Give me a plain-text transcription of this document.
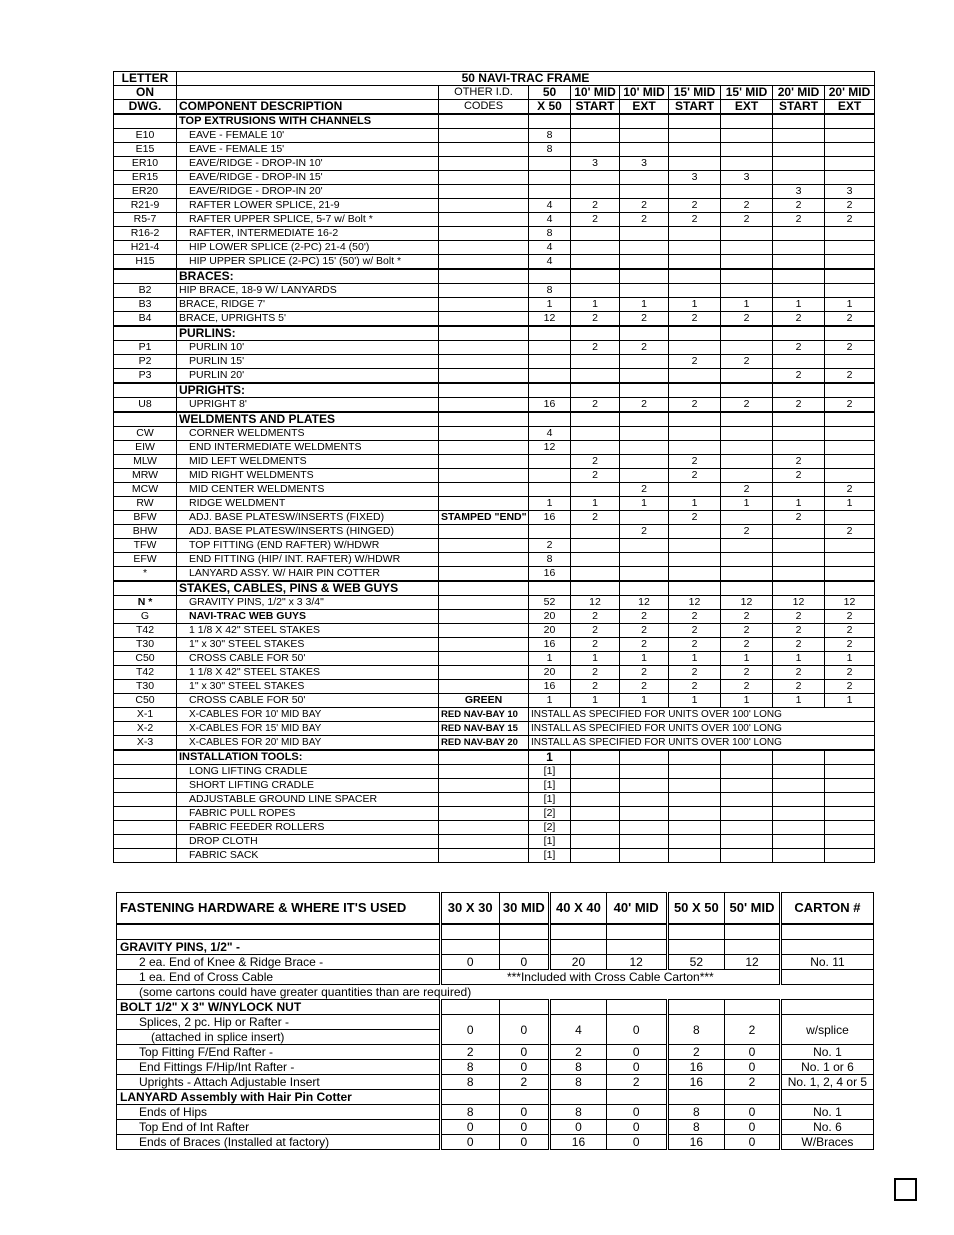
LETTER	50 NAVI-TRAC FRAME								
ON		OTHER I.D.	50	10' MID	10' MID	15' MID	15' MID	20' MID	20' MID
DWG.	COMPONENT DESCRIPTION	CODES	X 50	START	EXT	START	EXT	START	EXT
	TOP EXTRUSIONS WITH CHANNELS								
E10	EAVE - FEMALE 10'		8						
E15	EAVE - FEMALE 15'		8						
ER10	EAVE/RIDGE - DROP-IN 10'			3	3				
ER15	EAVE/RIDGE - DROP-IN 15'					3	3		
ER20	EAVE/RIDGE - DROP-IN 20'							3	3
R21-9	RAFTER LOWER SPLICE, 21-9		4	2	2	2	2	2	2
R5-7	RAFTER UPPER SPLICE, 5-7 w/ Bolt *		4	2	2	2	2	2	2
R16-2	RAFTER, INTERMEDIATE 16-2		8						
H21-4	HIP LOWER SPLICE (2-PC) 21-4 (50')		4						
H15	HIP UPPER SPLICE (2-PC) 15' (50') w/ Bolt *		4						
	BRACES:								
B2	HIP BRACE, 18-9 W/ LANYARDS		8						
B3	BRACE, RIDGE 7'		1	1	1	1	1	1	1
B4	BRACE, UPRIGHTS 5'		12	2	2	2	2	2	2
	PURLINS:								
P1	PURLIN 10'			2	2			2	2
P2	PURLIN 15'					2	2		
P3	PURLIN 20'							2	2
	UPRIGHTS:								
U8	UPRIGHT 8'		16	2	2	2	2	2	2
	WELDMENTS AND PLATES								
CW	CORNER WELDMENTS		4						
EIW	END INTERMEDIATE WELDMENTS		12						
MLW	MID LEFT WELDMENTS			2		2		2	
MRW	MID RIGHT WELDMENTS			2		2		2	
MCW	MID CENTER WELDMENTS				2		2		2
RW	RIDGE WELDMENT		1	1	1	1	1	1	1
BFW	ADJ. BASE PLATESW/INSERTS (FIXED)	STAMPED "END"	16	2		2		2	
BHW	ADJ. BASE PLATESW/INSERTS (HINGED)				2		2		2
TFW	TOP FITTING (END RAFTER) W/HDWR		2						
EFW	END FITTING (HIP/ INT. RAFTER) W/HDWR		8						
*	LANYARD ASSY. W/ HAIR PIN COTTER		16						
	STAKES, CABLES, PINS & WEB GUYS								
N *	GRAVITY PINS, 1/2" x 3 3/4"		52	12	12	12	12	12	12
G	NAVI-TRAC WEB GUYS		20	2	2	2	2	2	2
T42	1 1/8 X 42" STEEL STAKES		20	2	2	2	2	2	2
T30	1" x 30" STEEL STAKES		16	2	2	2	2	2	2
C50	CROSS CABLE FOR 50'		1	1	1	1	1	1	1
T42	1 1/8 X 42" STEEL STAKES		20	2	2	2	2	2	2
T30	1" x 30" STEEL STAKES		16	2	2	2	2	2	2
C50	CROSS CABLE FOR 50'	GREEN	1	1	1	1	1	1	1
X-1	X-CABLES FOR 10' MID BAY	RED NAV-BAY 10	INSTALL AS SPECIFIED FOR UNITS OVER 100' LONG						
X-2	X-CABLES FOR 15' MID BAY	RED NAV-BAY 15	INSTALL AS SPECIFIED FOR UNITS OVER 100' LONG						
X-3	X-CABLES FOR 20' MID BAY	RED NAV-BAY 20	INSTALL AS SPECIFIED FOR UNITS OVER 100' LONG						
	INSTALLATION TOOLS:		1						
	LONG LIFTING CRADLE		[1]						
	SHORT LIFTING CRADLE		[1]						
	ADJUSTABLE GROUND LINE SPACER		[1]						
	FABRIC PULL ROPES		[2]						
	FABRIC FEEDER ROLLERS		[2]						
	DROP CLOTH		[1]						
	FABRIC SACK		[1]						
FASTENING HARDWARE & WHERE IT'S USED	30 X 30	30 MID	40 X 40	40' MID	50 X 50	50' MID	CARTON #

GRAVITY PINS, 1/2" -							
2 ea. End of Knee & Ridge Brace -	0	0	20	12	52	12	No. 11
1 ea. End of Cross Cable	***Included with Cross Cable Carton***						
(some cartons could have greater quantities than are required)							
BOLT 1/2" X 3" W/NYLOCK NUT							
Splices, 2 pc. Hip or Rafter -	0	0	4	0	8	2	w/splice
(attached in splice insert)							
Top Fitting F/End Rafter -	2	0	2	0	2	0	No. 1
End Fittings F/Hip/Int Rafter -	8	0	8	0	16	0	No. 1 or 6
Uprights - Attach Adjustable Insert	8	2	8	2	16	2	No. 1, 2, 4 or 5
LANYARD Assembly with Hair Pin Cotter							
Ends of Hips	8	0	8	0	8	0	No. 1
Top End of Int Rafter	0	0	0	0	8	0	No. 6
Ends of Braces (Installed at factory)	0	0	16	0	16	0	W/Braces
